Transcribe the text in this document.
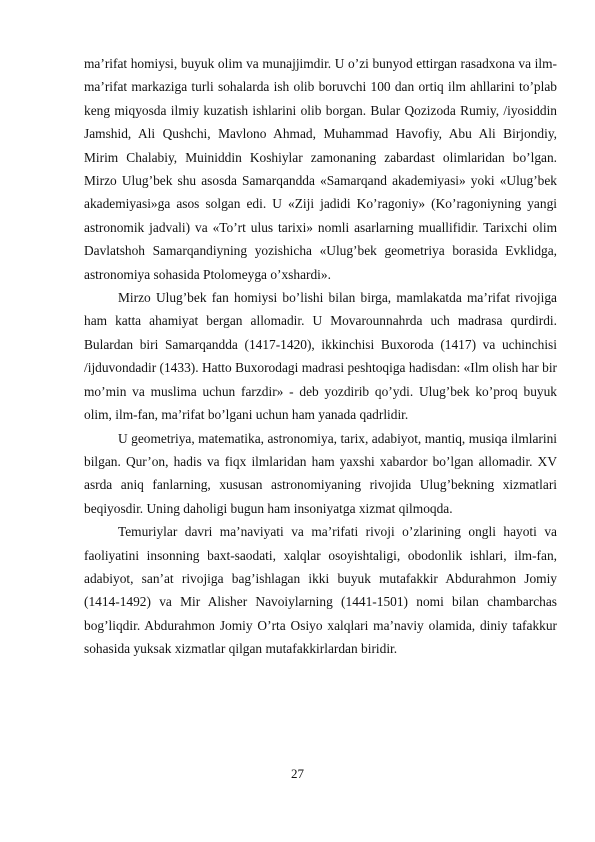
ma’rifat homiysi, buyuk olim va munajjimdir. U o’zi bunyod ettirgan rasadxona va ilm-ma’rifat markaziga turli sohalarda ish olib boruvchi 100 dan ortiq ilm ahllarini to’plab keng miqyosda ilmiy kuzatish ishlarini olib borgan. Bular Qozizoda Rumiy, /iyosiddin Jamshid, Ali Qushchi, Mavlono Ahmad, Muhammad Havofiy, Abu Ali Birjondiy, Mirim Chalabiy, Muiniddin Koshiylar zamonaning zabardast olimlaridan bo’lgan. Mirzo Ulug’bek shu asosda Samarqandda «Samarqand akademiyasi» yoki «Ulug’bek akademiyasi»ga asos solgan edi. U «Ziji jadidi Ko’ragoniy» (Ko’ragoniyning yangi astronomik jadvali) va «To’rt ulus tarixi» nomli asarlarning muallifidir. Tarixchi olim Davlatshoh Samarqandiyning yozishicha «Ulug’bek geometriya borasida Evklidga, astronomiya sohasida Ptolomeyga o’xshardi».

Mirzo Ulug’bek fan homiysi bo’lishi bilan birga, mamlakatda ma’rifat rivojiga ham katta ahamiyat bergan allomadir. U Movarounnahrda uch madrasa qurdirdi. Bulardan biri Samarqandda (1417-1420), ikkinchisi Buxoroda (1417) va uchinchisi /ijduvondadir (1433). Hatto Buxorodagi madrasi peshtoqiga hadisdan: «Ilm olish har bir mo’min va muslima uchun farzdir» - deb yozdirib qo’ydi. Ulug’bek ko’proq buyuk olim, ilm-fan, ma’rifat bo’lgani uchun ham yanada qadrlidir.

U geometriya, matematika, astronomiya, tarix, adabiyot, mantiq, musiqa ilmlarini bilgan. Qur’on, hadis va fiqx ilmlaridan ham yaxshi xabardor bo’lgan allomadir. XV asrda aniq fanlarning, xususan astronomiyaning rivojida Ulug’bekning xizmatlari beqiyosdir. Uning daholigi bugun ham insoniyatga xizmat qilmoqda.

Temuriylar davri ma’naviyati va ma’rifati rivoji o’zlarining ongli hayoti va faoliyatini insonning baxt-saodati, xalqlar osoyishtaligi, obodonlik ishlari, ilm-fan, adabiyot, san’at rivojiga bag’ishlagan ikki buyuk mutafakkir Abdurahmon Jomiy (1414-1492) va Mir Alisher Navoiylarning (1441-1501) nomi bilan chambarchas bog’liqdir. Abdurahmon Jomiy O’rta Osiyo xalqlari ma’naviy olamida, diniy tafakkur sohasida yuksak xizmatlar qilgan mutafakkirlardan biridir.

27
